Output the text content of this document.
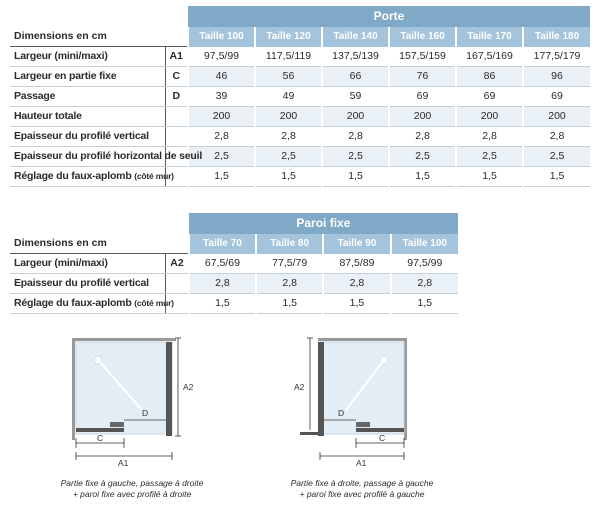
		Porte					
Dimensions en cm		Taille 100	Taille 120	Taille 140	Taille 160	Taille 170	Taille 180
Largeur (mini/maxi)	A1	97,5/99	117,5/119	137,5/139	157,5/159	167,5/169	177,5/179
Largeur en partie fixe	C	46	56	66	76	86	96
Passage	D	39	49	59	69	69	69
Hauteur totale		200	200	200	200	200	200
Epaisseur du profilé vertical		2,8	2,8	2,8	2,8	2,8	2,8
Epaisseur du profilé horizontal de seuil		2,5	2,5	2,5	2,5	2,5	2,5
Réglage du faux-aplomb (côté mur)		1,5	1,5	1,5	1,5	1,5	1,5
		Paroi fixe			
Dimensions en cm		Taille 70	Taille 80	Taille 90	Taille 100
Largeur (mini/maxi)	A2	67,5/69	77,5/79	87,5/89	97,5/99
Epaisseur du profilé vertical		2,8	2,8	2,8	2,8
Réglage du faux-aplomb (côté mur)		1,5	1,5	1,5	1,5
A2
D
C
A1
Partie fixe à gauche, passage à droite
+ paroi fixe avec profilé à droite
A2
D
C
A1
Partie fixe à droite, passage à gauche
+ paroi fixe avec profilé à gauche
